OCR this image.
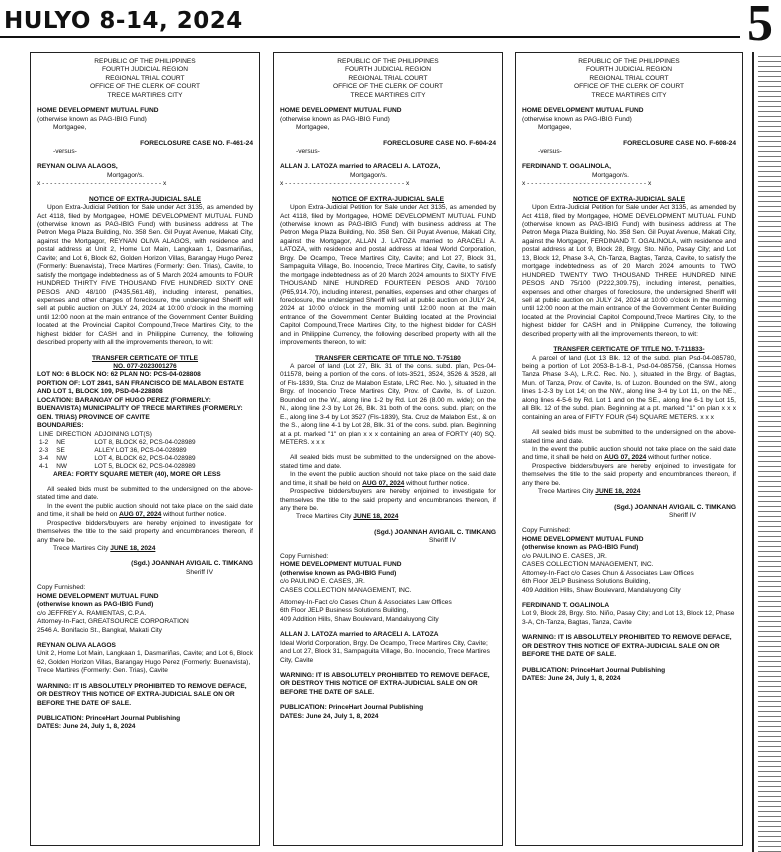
HULYO 8-14, 2024	5
REPUBLIC OF THE PHILIPPINES
FOURTH JUDICIAL REGION
REGIONAL TRIAL COURT
OFFICE OF THE CLERK OF COURT
TRECE MARTIRES CITY
HOME DEVELOPMENT MUTUAL FUND
(otherwise known as PAG-IBIG Fund)
Mortgagee,
FORECLOSURE CASE NO. F-461-24
-versus-
REYNAN OLIVA ALAGOS,
Mortgagor/s.
x - - - - - - - - - - - - - - - - - - - - - - - - - - - - - - x
NOTICE OF EXTRA-JUDICIAL SALE
Upon Extra-Judicial Petition for Sale under Act 3135, as amended by Act 4118, filed by Mortgagee, HOME DEVELOPMENT MUTUAL FUND (otherwise known as PAG-IBIG Fund) with business address at The Petron Mega Plaza Building, No. 358 Sen. Gil Puyat Avenue, Makati City, against the Mortgagor, REYNAN OLIVA ALAGOS, with residence and postal address at Unit 2, Home Lot Main, Langkaan 1, Dasmariñas, Cavite; and Lot 6, Block 62, Golden Horizon Villas, Barangay Hugo Perez (Formerly: Buenavista), Trece Martires (Formerly: Gen. Trias), Cavite, to satisfy the mortgage indebtedness as of 5 March 2024 amounts to FOUR HUNDRED THIRTY FIVE THOUSAND FIVE HUNDRED SIXTY ONE PESOS AND 48/100 (P435,561.48), including interest, penalties, expenses and other charges of foreclosure, the undersigned Sheriff will sell at public auction on JULY 24, 2024 at 10:00 o'clock in the morning until 12:00 noon at the main entrance of the Government Center Building located at the Provincial Capitol Compound,Trece Martires City, to the highest bidder for CASH and in Philippine Currency, the following described property with all the improvements thereon, to wit:
TRANSFER CERTICATE OF TITLE
NO. 077-2023001276
LOT NO: 6 BLOCK NO: 62 PLAN NO: PCS-04-028808
PORTION OF: LOT 2841, SAN FRANCISCO DE MALABON ESTATE AND LOT 1, BLOCK 109, PSD-04-228808
LOCATION: BARANGAY OF HUGO PEREZ (FORMERLY: BUENAVISTA) MUNICIPALITY OF TRECE MARTIRES (FORMERLY: GEN. TRIAS) PROVINCE OF CAVITE
BOUNDARIES:
LINE	DIRECTION	ADJOINING LOT(S)
1-2	NE	LOT 8, BLOCK 62, PCS-04-028989
2-3	SE	ALLEY LOT 36, PCS-04-028989
3-4	NW	LOT 4, BLOCK 62, PCS-04-028989
4-1	NW	LOT 5, BLOCK 62, PCS-04-028989
AREA: FORTY SQUARE METER (40), MORE OR LESS
All sealed bids must be submitted to the undersigned on the above-stated time and date.
In the event the public auction should not take place on the said date and time, it shall be held on AUG 07, 2024 without further notice.
Prospective bidders/buyers are hereby enjoined to investigate for themselves the title to the said property and encumbrances thereon, if any there be.
Trece Martires City JUNE 18, 2024
(Sgd.) JOANNAH AVIGAIL C. TIMKANG
Sheriff IV
Copy Furnished:
HOME DEVELOPMENT MUTUAL FUND
(otherwise known as PAG-IBIG Fund)
c/o JEFFREY A. RAMIENTAS, C.P.A.
Attorney-In-Fact, GREATSOURCE CORPORATION
2546 A. Bonifacio St., Bangkal, Makati City
REYNAN OLIVA ALAGOS
Unit 2, Home Lot Main, Langkaan 1, Dasmariñas, Cavite; and Lot 6, Block 62, Golden Horizon Villas, Barangay Hugo Perez (Formerly: Buenavista), Trece Martires (Formerly: Gen. Trias), Cavite
WARNING: IT IS ABSOLUTELY PROHIBITED TO REMOVE DEFACE, OR DESTROY THIS NOTICE OF EXTRA-JUDICIAL SALE ON OR BEFORE THE DATE OF SALE.
PUBLICATION: PrinceHart Journal Publishing
DATES: June 24, July 1, 8, 2024
REPUBLIC OF THE PHILIPPINES
FOURTH JUDICIAL REGION
REGIONAL TRIAL COURT
OFFICE OF THE CLERK OF COURT
TRECE MARTIRES CITY
HOME DEVELOPMENT MUTUAL FUND
(otherwise known as PAG-IBIG Fund)
Mortgagee,
FORECLOSURE CASE NO. F-604-24
-versus-
ALLAN J. LATOZA married to ARACELI A. LATOZA,
Mortgagor/s.
x - - - - - - - - - - - - - - - - - - - - - - - - - - - - - - x
NOTICE OF EXTRA-JUDICIAL SALE
Upon Extra-Judicial Petition for Sale under Act 3135, as amended by Act 4118, filed by Mortgagee, HOME DEVELOPMENT MUTUAL FUND (otherwise known as PAG-IBIG Fund) with business address at The Petron Mega Plaza Building, No. 358 Sen. Gil Puyat Avenue, Makati City, against the Mortgagor, ALLAN J. LATOZA married to ARACELI A. LATOZA, with residence and postal address at Ideal World Corporation, Brgy. De Ocampo, Trece Martires City, Cavite; and Lot 27, Block 31, Sampaguita Village, Bo. Inocencio, Trece Martires City, Cavite, to satisfy the mortgage indebtedness as of 20 March 2024 amounts to SIXTY FIVE THOUSAND NINE HUNDRED FOURTEEN PESOS AND 70/100 (P65,914.70), including interest, penalties, expenses and other charges of foreclosure, the undersigned Sheriff will sell at public auction on JULY 24, 2024 at 10:00 o'clock in the morning until 12:00 noon at the main entrance of the Government Center Building located at the Provincial Capitol Compound,Trece Martires City, to the highest bidder for CASH and in Philippine Currency, the following described property with all the improvements thereon, to wit:
TRANSFER CERTICATE OF TITLE NO. T-75180
A parcel of land (Lot 27, Blk. 31 of the cons. subd. plan, Pcs-04-011578, being a portion of the cons. of lots-3521, 3524, 3526 & 3528, all of Fls-1839, Sta. Cruz de Malabon Estate, LRC Rec. No. ), situated in the Brgy. of Inocencio Trece Martires City, Prov. of Cavite, Is. of Luzon. Bounded on the W., along line 1-2 by Rd. Lot 26 (8.00 m. wide); on the N., along line 2-3 by Lot 26, Blk. 31 both of the cons. subd. plan; on the E., along line 3-4 by Lot 3527 (Fls-1839), Sta. Cruz de Malabon Est., & on the S., along line 4-1 by Lot 28, Blk. 31 of the cons. subd. plan. Beginning at a pt. marked "1" on plan x x x containing an area of FORTY (40) SQ. METERS. x x x
All sealed bids must be submitted to the undersigned on the above-stated time and date.
In the event the public auction should not take place on the said date and time, it shall be held on AUG 07, 2024 without further notice.
Prospective bidders/buyers are hereby enjoined to investigate for themselves the title to the said property and encumbrances thereon, if any there be.
Trece Martires City JUNE 18, 2024
(Sgd.) JOANNAH AVIGAIL C. TIMKANG
Sheriff IV
Copy Furnished:
HOME DEVELOPMENT MUTUAL FUND
(otherwise known as PAG-IBIG Fund)
c/o PAULINO E. CASES, JR.
CASES COLLECTION MANAGEMENT, INC.
Attorney-In-Fact c/o Cases Chun & Associates Law Offices
6th Floor JELP Business Solutions Building,
409 Addition Hills, Shaw Boulevard, Mandaluyong City
ALLAN J. LATOZA married to ARACELI A. LATOZA
Ideal World Corporation, Brgy. De Ocampo, Trece Martires City, Cavite; and Lot 27, Block 31, Sampaguita Village, Bo. Inocencio, Trece Martires City, Cavite
WARNING: IT IS ABSOLUTELY PROHIBITED TO REMOVE DEFACE, OR DESTROY THIS NOTICE OF EXTRA-JUDICIAL SALE ON OR BEFORE THE DATE OF SALE.
PUBLICATION: PrinceHart Journal Publishing
DATES: June 24, July 1, 8, 2024
REPUBLIC OF THE PHILIPPINES
FOURTH JUDICIAL REGION
REGIONAL TRIAL COURT
OFFICE OF THE CLERK OF COURT
TRECE MARTIRES CITY
HOME DEVELOPMENT MUTUAL FUND
(otherwise known as PAG-IBIG Fund)
Mortgagee,
FORECLOSURE CASE NO. F-608-24
-versus-
FERDINAND T. OGALINOLA,
Mortgagor/s.
x - - - - - - - - - - - - - - - - - - - - - - - - - - - - - - x
NOTICE OF EXTRA-JUDICIAL SALE
Upon Extra-Judicial Petition for Sale under Act 3135, as amended by Act 4118, filed by Mortgagee, HOME DEVELOPMENT MUTUAL FUND (otherwise known as PAG-IBIG Fund) with business address at The Petron Mega Plaza Building, No. 358 Sen. Gil Puyat Avenue, Makati City, against the Mortgagor, FERDINAND T. OGALINOLA, with residence and postal address at Lot 9, Block 28, Brgy. Sto. Niño, Pasay City; and Lot 13, Block 12, Phase 3-A, Ch-Tanza, Bagtas, Tanza, Cavite, to satisfy the mortgage indebtedness as of 20 March 2024 amounts to TWO HUNDRED TWENTY TWO THOUSAND THREE HUNDRED NINE PESOS AND 75/100 (P222,309.75), including interest, penalties, expenses and other charges of foreclosure, the undersigned Sheriff will sell at public auction on JULY 24, 2024 at 10:00 o'clock in the morning until 12:00 noon at the main entrance of the Government Center Building located at the Provincial Capitol Compound,Trece Martires City, to the highest bidder for CASH and in Philippine Currency, the following described property with all the improvements thereon, to wit:
TRANSFER CERTICATE OF TITLE NO. T-711833-
A parcel of land (Lot 13 Blk. 12 of the subd. plan Psd-04-085780, being a portion of Lot 2053-B-1-B-1, Psd-04-085756, (Canssa Homes Tanza Phase 3-A), L.R.C. Rec. No. ), situated in the Brgy. of Bagtas, Mun. of Tanza, Prov. of Cavite, Is. of Luzon. Bounded on the SW., along lines 1-2-3 by Lot 14; on the NW., along line 3-4 by Lot 11, on the NE., along lines 4-5-6 by Rd. Lot 1 and on the SE., along line 6-1 by Lot 15, all Blk. 12 of the subd. plan. Beginning at a pt. marked "1" on plan x x x containing an area of FIFTY FOUR (54) SQUARE METERS. x x x
All sealed bids must be submitted to the undersigned on the above-stated time and date.
In the event the public auction should not take place on the said date and time, it shall be held on AUG 07, 2024 without further notice.
Prospective bidders/buyers are hereby enjoined to investigate for themselves the title to the said property and encumbrances thereon, if any there be.
Trece Martires City JUNE 18, 2024
(Sgd.) JOANNAH AVIGAIL C. TIMKANG
Sheriff IV
Copy Furnished:
HOME DEVELOPMENT MUTUAL FUND
(otherwise known as PAG-IBIG Fund)
c/o PAULINO E. CASES, JR.
CASES COLLECTION MANAGEMENT, INC.
Attorney-In-Fact c/o Cases Chun & Associates Law Offices
6th Floor JELP Business Solutions Building,
409 Addition Hills, Shaw Boulevard, Mandaluyong City
FERDINAND T. OGALINOLA
Lot 9, Block 28, Brgy. Sto. Niño, Pasay City; and Lot 13, Block 12, Phase 3-A, Ch-Tanza, Bagtas, Tanza, Cavite
WARNING: IT IS ABSOLUTELY PROHIBITED TO REMOVE DEFACE, OR DESTROY THIS NOTICE OF EXTRA-JUDICIAL SALE ON OR BEFORE THE DATE OF SALE.
PUBLICATION: PrinceHart Journal Publishing
DATES: June 24, July 1, 8, 2024
